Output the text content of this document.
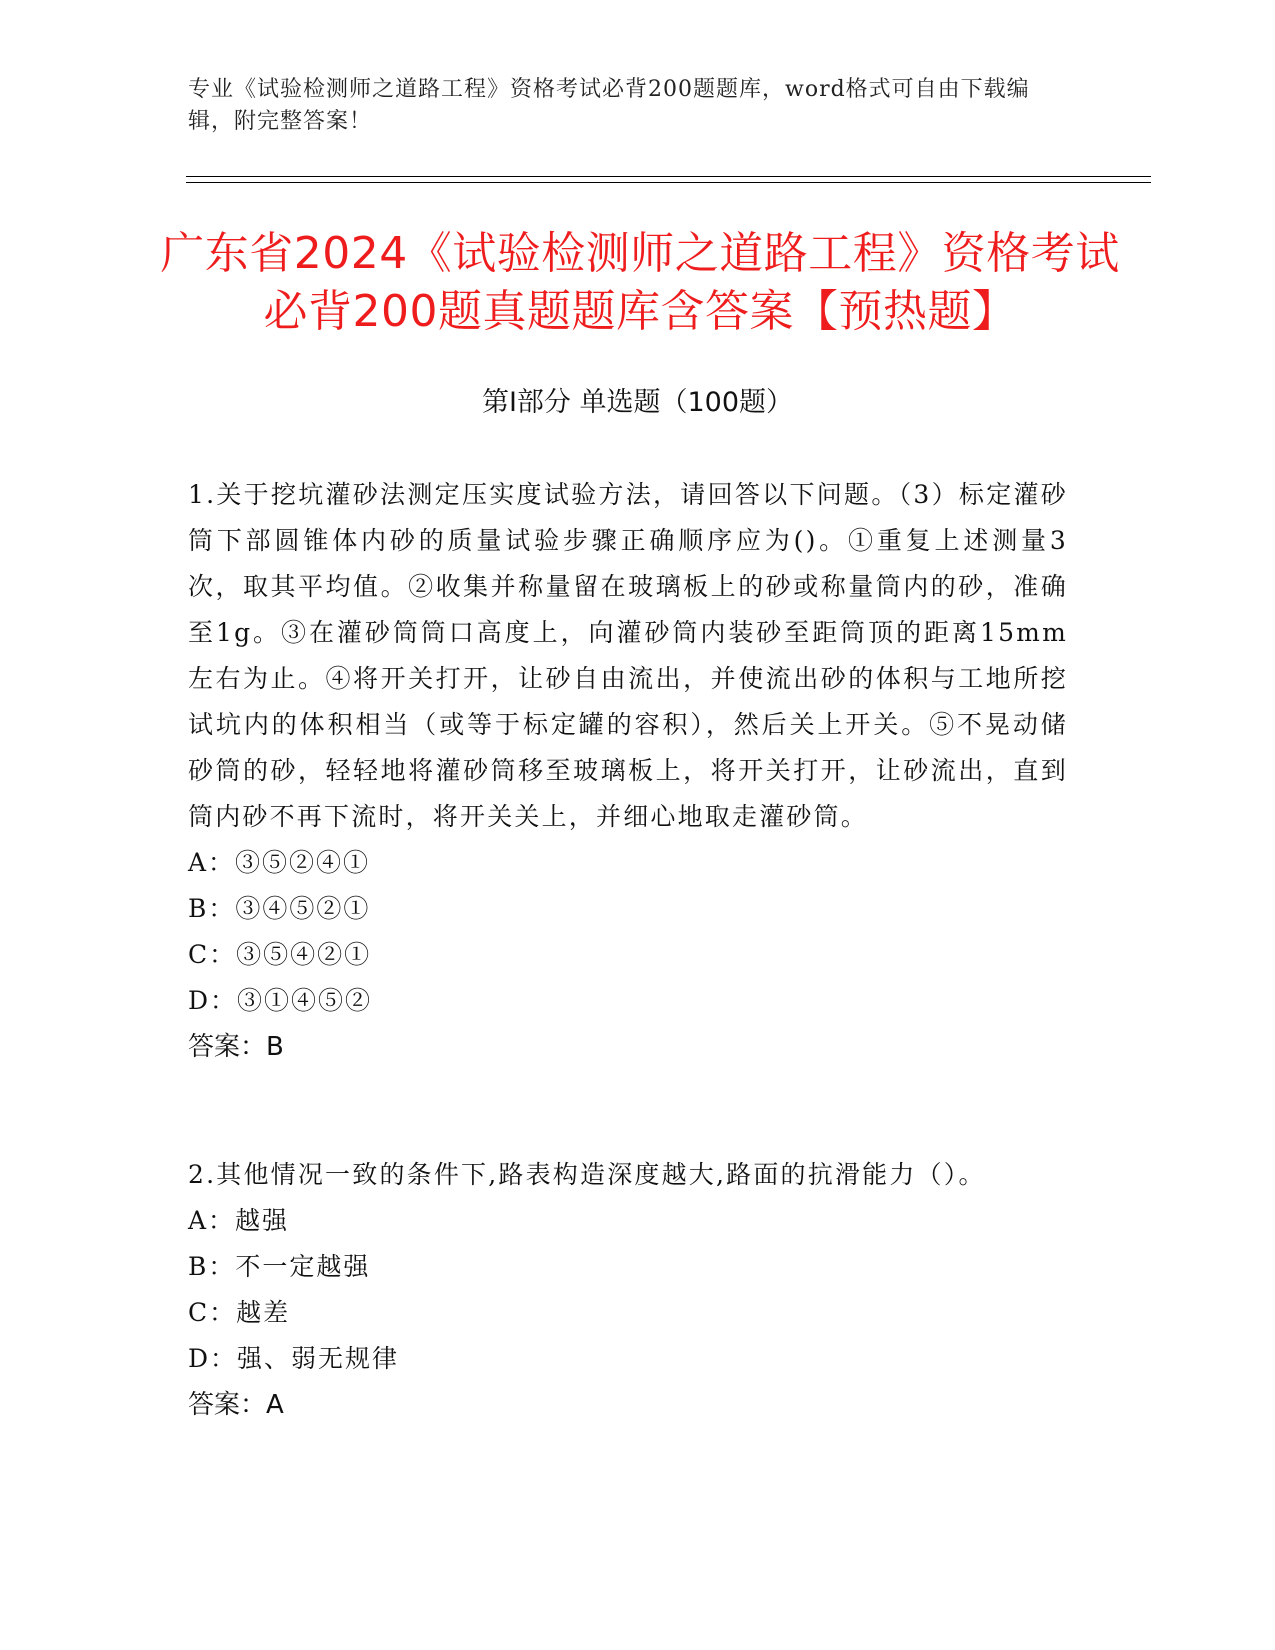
专业《试验检测师之道路工程》资格考试必背200题题库，word格式可自由下载编辑，附完整答案！
广东省2024《试验检测师之道路工程》资格考试必背200题真题题库含答案【预热题】
第Ⅰ部分 单选题（100题）

1.关于挖坑灌砂法测定压实度试验方法，请回答以下问题。（3）标定灌砂筒下部圆锥体内砂的质量试验步骤正确顺序应为()。①重复上述测量3次，取其平均值。②收集并称量留在玻璃板上的砂或称量筒内的砂，准确至1g。③在灌砂筒筒口高度上，向灌砂筒内装砂至距筒顶的距离15mm左右为止。④将开关打开，让砂自由流出，并使流出砂的体积与工地所挖试坑内的体积相当（或等于标定罐的容积），然后关上开关。⑤不晃动储砂筒的砂，轻轻地将灌砂筒移至玻璃板上，将开关打开，让砂流出，直到筒内砂不再下流时，将开关关上，并细心地取走灌砂筒。

A：③⑤②④①

B：③④⑤②①

C：③⑤④②①

D：③①④⑤②

答案：B

2.其他情况一致的条件下,路表构造深度越大,路面的抗滑能力（）。

A：越强

B：不一定越强

C：越差

D：强、弱无规律

答案：A
